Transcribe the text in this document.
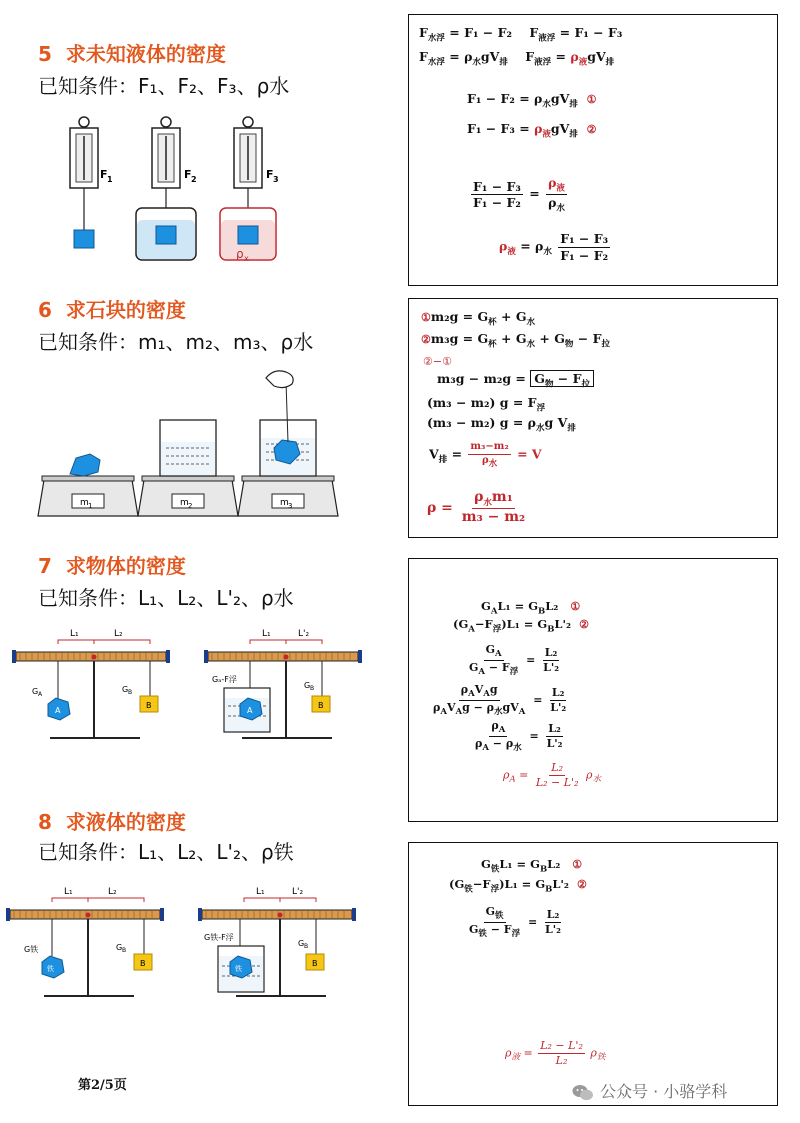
5 求未知液体的密度
已知条件：F₁、F₂、F₃、ρ水
F 1	F 2
ρ x
F 3
$F_{水浮} = F_1 - F_2$ $F_{液浮} = F_1 - F_3$
$F_{水浮} = \rho_水gV_排$ $F_{液浮} = \rho_液gV_排$
$F_1 - F_2 = \rho_水gV_排$ ①
$F_1 - F_3 = \rho_液gV_排$ ②
$\frac{\text{F₁ − F₃}}{\text{F₁ − F₂}} = \frac{\rho_液}{\rho_水}$
$\rho_液 = \rho_水 \frac{\text{F₁ − F₃}}{\text{F₁ − F₂}}$
6 求石块的密度
已知条件：m₁、m₂、m₃、ρ水
m 1	m 2	m 3
①m₂g = $G_杯 + G_水$
②m₃g = $G_杯 + G_水 + G_物 - F_拉$
②−①
$m_3g - m_2g = G_物 - F_拉$
(m₃ − m₂) $g = F_浮$
(m₃ − m₂) $g = \rho_水g$ $V_排$
$V_排 = \frac{\text{m₃−m₂}}{\rho_水} = V$
$\rho = \frac{\rho_水m_1}{\text{m₃ − m₂}}$
7 求物体的密度
已知条件：L₁、L₂、L'₂、ρ水
L₁	L₂
A
G A
B
G B
L₁	L'₂
A
Gₐ-F浮
B
G B
$G_AL_1 = G_BL_2$ ①
$(G_A-F_浮)L_1 = G_BL'_2$ ②
$\frac{G_A}{G_A - F_浮} = \frac{\text{L₂}}{\text{L'₂}}$
$\frac{\rho_AV_Ag}{\rho_AV_Ag - \rho_水gV_A} = \frac{\text{L₂}}{\text{L'₂}}$
$\frac{\rho_A}{\rho_A - \rho_水} = \frac{\text{L₂}}{\text{L'₂}}$
$\rho_A = \frac{\text{L₂}}{\text{L₂ − L'₂}} \rho_水$
8 求液体的密度
已知条件：L₁、L₂、L'₂、ρ铁
L₁	L₂
铁
G铁
B
G B
L₁	L'₂
铁
G铁-F浮
B
G B
$G_铁L_1 = G_BL_2$ ①
$(G_铁-F_浮)L_1 = G_BL'_2$ ②
$\frac{G_铁}{G_铁 - F_浮} = \frac{\text{L₂}}{\text{L'₂}}$
$\rho_液 = \frac{\text{L₂ − L'₂}}{\text{L₂}} \rho_铁$
第2/5页	公众号 · 小骆学科
